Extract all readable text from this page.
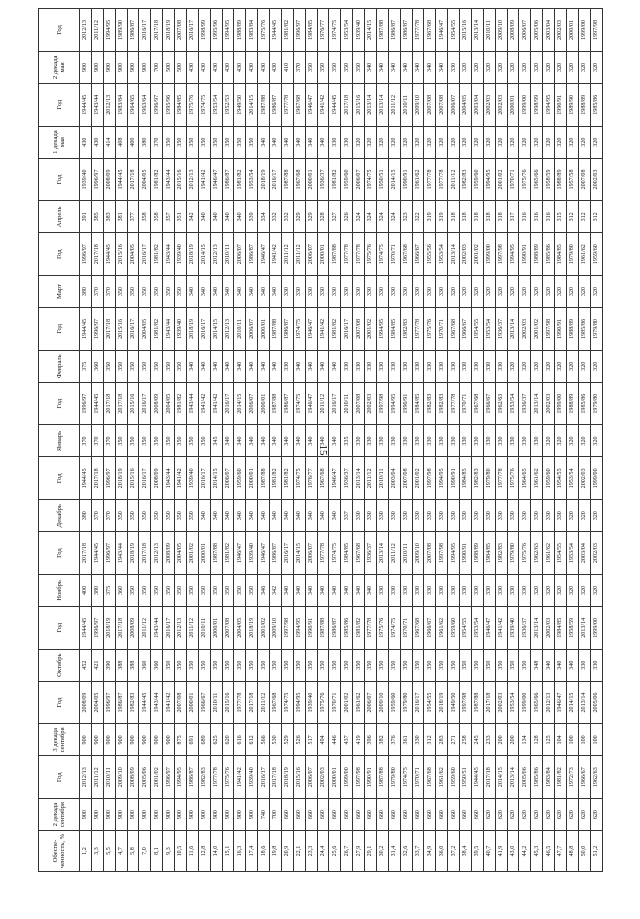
15
Обеспе-ченность, %	2 декада сентября	Год	3 декада сентября	Год	Октябрь	Год	Ноябрь	Год	Декабрь	Год	Январь	Год	Февраль	Год	Март	Год	Апрель	Год	1 декада мая	Год	2 декада мая	Год
1,2	900	2012/13	900	2008/09	452	1944/45	400	2017/18	380	1944/45	370	1996/97	375	1944/45	380	1996/97	391	1939/40	430	1944/45	900	2012/13
3,3	900	2011/12	900	2004/05	421	1996/97	380	1944/45	370	2017/18	370	1944/45	360	1996/97	370	2017/18	385	1996/97	430	1943/44	900	2011/12
5,5	900	2010/11	900	1996/97	390	2018/19	375	1996/97	370	1996/97	370	2017/18	350	2017/18	370	1944/45	383	2008/09	414	2012/13	900	1994/95
4,7	900	2009/10	900	1986/87	388	2017/18	360	1943/44	350	2018/19	350	2017/18	350	2015/16	350	2015/16	381	1944/45	408	1983/84	900	1989/90
5,8	900	2008/09	900	1982/83	388	2008/09	350	2018/19	350	2015/16	350	2015/16	350	2016/17	350	2004/05	377	2017/18	400	1964/65	900	1986/87
7,0	900	2005/06	900	1944/45	360	2011/12	350	2017/18	350	2016/17	350	2016/17	350	2004/05	350	2016/17	358	2004/05	380	1963/64	900	2016/17
8,1	900	2001/02	900	1943/44	360	1943/44	350	2012/13	350	2008/09	350	2008/09	350	1981/82	350	1981/82	358	1981/82	370	1996/97	700	2017/18
9,3	900	1996/97	900	1941/42	350	2016/17	350	2008/09	350	1943/44	350	2004/05	350	1943/44	350	1943/44	357	1943/44	350	1995/96	500	2018/19
10,5	900	1994/95	875	2007/08	350	2012/13	350	2004/05	350	1941/42	350	1981/82	350	1939/40	350	1939/40	351	2015/16	350	1984/85	500	2007/08
11,6	900	1986/87	691	2000/01	350	2011/12	350	2001/02	350	1939/40	350	1943/44	340	2018/19	340	2018/19	342	2012/13	350	1975/76	430	2016/17
12,8	900	1982/83	689	1966/67	350	2010/11	350	2000/01	340	2016/17	350	1941/42	340	2016/17	340	2014/15	340	1941/42	350	1974/75	430	1998/99
14,0	900	1977/78	625	2010/11	350	2000/01	350	1987/88	340	2014/15	345	1941/42	340	2014/15	340	2012/13	340	1946/47	350	1953/54	430	1995/96
15,1	900	1975/76	620	2015/16	350	2007/08	350	1981/82	340	2006/07	340	2016/17	340	2012/13	340	2010/11	340	1986/87	350	1952/53	430	1994/95
16,3	900	1941/42	616	1977/78	350	2004/05	350	1946/47	340	1959/60	340	2014/15	340	2010/11	340	2006/07	340	1981/82	350	1949/50	430	1988/89
17,4	900	1939/40	612	2017/18	350	2018/19	350	1939/40	340	2000/01	340	2006/07	340	2006/07	340	1986/87	339	1953/54	350	2014/15	430	1983/84
18,6	740	2016/17	566	2011/12	350	2001/02	346	1946/47	340	1987/88	340	2000/01	340	2000/01	340	1946/47	334	2018/19	340	1987/88	430	1975/76
19,8	700	2017/18	530	1967/68	350	2009/10	342	1986/87	340	1981/82	340	1987/88	340	1987/88	340	1941/42	332	2016/17	340	1986/87	430	1944/45
20,9	660	2018/19	529	1974/75	350	1997/98	340	2016/17	340	1981/82	340	1986/87	330	1986/87	330	2011/12	332	1987/88	340	1977/78	410	1981/82
22,1	660	2015/16	526	1994/95	350	1994/95	340	2014/15	340	1974/75	340	1974/75	340	1974/75	330	2011/12	329	1967/68	340	1967/68	370	1996/97
23,3	660	2006/07	517	1939/40	350	1990/91	340	2006/07	340	1976/77	340	1946/47	340	1946/47	330	2006/07	329	2000/01	340	1946/47	350	1984/85
24,4	660	2002/03	494	1975/76	350	1987/88	340	1977/78	340	1967/68	340	2011/12	340	1941/42	330	2000/01	328	1936/37	340	1941/42	350	1976/77
25,6	660	2000/01	446	1970/71	350	1986/87	340	1974/75	340	1946/47	340	2016/17	340	1981/82	330	1987/88	327	1981/82	330	1944/45	350	1974/75
26,7	660	1999/00	437	2001/02	350	1985/86	340	1984/85	337	1936/37	335	2010/11	330	2016/17	330	1977/78	326	1959/60	330	2017/18	350	1953/54
27,9	660	1997/98	419	1961/62	350	1981/82	340	1967/68	330	2013/14	330	2007/08	330	2007/08	330	1977/78	324	2006/07	320	2015/16	350	1939/40
29,1	660	1990/91	396	2006/07	350	1977/78	340	1936/37	330	2011/12	330	2002/03	330	2001/02	330	1975/76	324	1974/75	320	2013/14	340	2014/15
30,2	660	1987/88	382	2009/10	350	1975/76	330	2013/14	330	2010/11	330	1997/98	330	1994/95	330	1974/75	324	1950/51	320	2013/14	340	1987/88
31,4	660	1979/80	376	1959/60	350	1974/75	330	2011/12	330	2003/04	330	1994/95	330	1984/85	330	1970/71	324	2014/15	320	2011/12	340	1986/87
32,6	660	1974/75	361	1979/80	350	1970/71	330	2010/11	330	2007/08	330	1990/91	330	1982/83	330	1967/68	323	1990/91	320	2010/11	340	1986/87
33,7	660	1970/71	330	2016/17	350	1967/68	330	2009/10	330	2001/02	330	1984/85	330	1977/78	330	1966/67	322	1961/62	320	2009/10	340	1977/78
34,9	660	1967/68	312	1954/55	350	1966/67	330	2007/08	330	1997/98	330	1982/83	330	1975/76	330	1955/56	319	1977/78	320	2007/08	340	1967/68
36,0	660	1961/62	283	2018/19	350	1961/62	330	1997/98	330	1994/95	330	1982/83	330	1970/71	330	1953/54	319	1977/78	320	2007/08	340	1946/47
37,2	660	1959/60	271	1949/50	350	1959/60	330	1994/95	330	1990/91	330	1977/78	330	1967/68	320	2013/14	318	2011/12	320	2006/07	330	1954/55
38,4	660	1950/51	258	1997/98	350	1954/55	330	1990/91	330	1984/85	330	1970/71	330	1966/67	320	2002/03	318	1982/83	320	2004/05	320	2015/16
39,5	660	1944/45	245	1987/88	350	1953/54	330	1988/89	330	1982/83	330	1967/68	330	1954/55	320	2001/02	318	1959/60	320	2003/04	320	2013/14
40,7	620	2017/18	233	2017/18	350	1946/47	330	1984/85	330	1979/80	330	1966/67	330	1953/54	320	1999/00	318	1994/95	320	2002/03	320	2010/11
41,9	620	2014/15	200	2002/03	350	1941/42	330	1982/83	330	1977/78	330	1962/63	330	1936/37	320	1997/98	318	2001/02	320	2002/03	320	2009/10
43,0	620	2013/14	200	1953/54	350	1939/40	330	1979/80	330	1975/76	330	1953/54	320	2013/14	320	1994/95	317	1970/71	320	2000/01	320	2008/09
44,2	620	2005/06	134	1999/00	350	1936/37	330	1975/76	330	1964/65	330	1936/37	320	2002/03	320	1990/91	316	1975/76	320	1999/00	320	2006/07
45,3	620	1985/86	128	1965/66	348	2013/14	320	1962/63	330	1961/62	330	2013/14	320	2001/02	320	1988/89	316	1965/66	320	1998/99	320	2005/06
46,5	620	1983/84	125	2012/13	340	2002/03	320	1961/62	330	1959/60	320	2002/03	320	1997/98	320	1985/86	316	1958/59	320	1994/95	320	2003/04
47,7	620	1981/82	104	1946/47	340	1984/85	320	1954/55	330	1954/55	320	1999/00	320	1990/91	320	1984/85	315	1988/89	320	1990/91	320	2002/03
48,8	620	1972/73	100	2014/15	340	1958/59	320	1953/54	320	1953/54	320	1988/89	320	1988/89	320	1979/80	312	1957/58	320	1989/90	320	2000/01
50,0	620	1966/67	100	2013/14	330	2013/14	320	2003/04	320	2002/03	320	1985/86	320	1985/86	320	1961/62	312	2007/08	320	1988/89	320	1999/00
51,2	620	1962/63	100	2005/06	330	1999/00	320	2002/03	320	1999/00	320	1979/80	320	1979/80	320	1959/60	312	2002/03	320	1985/86	320	1997/98
